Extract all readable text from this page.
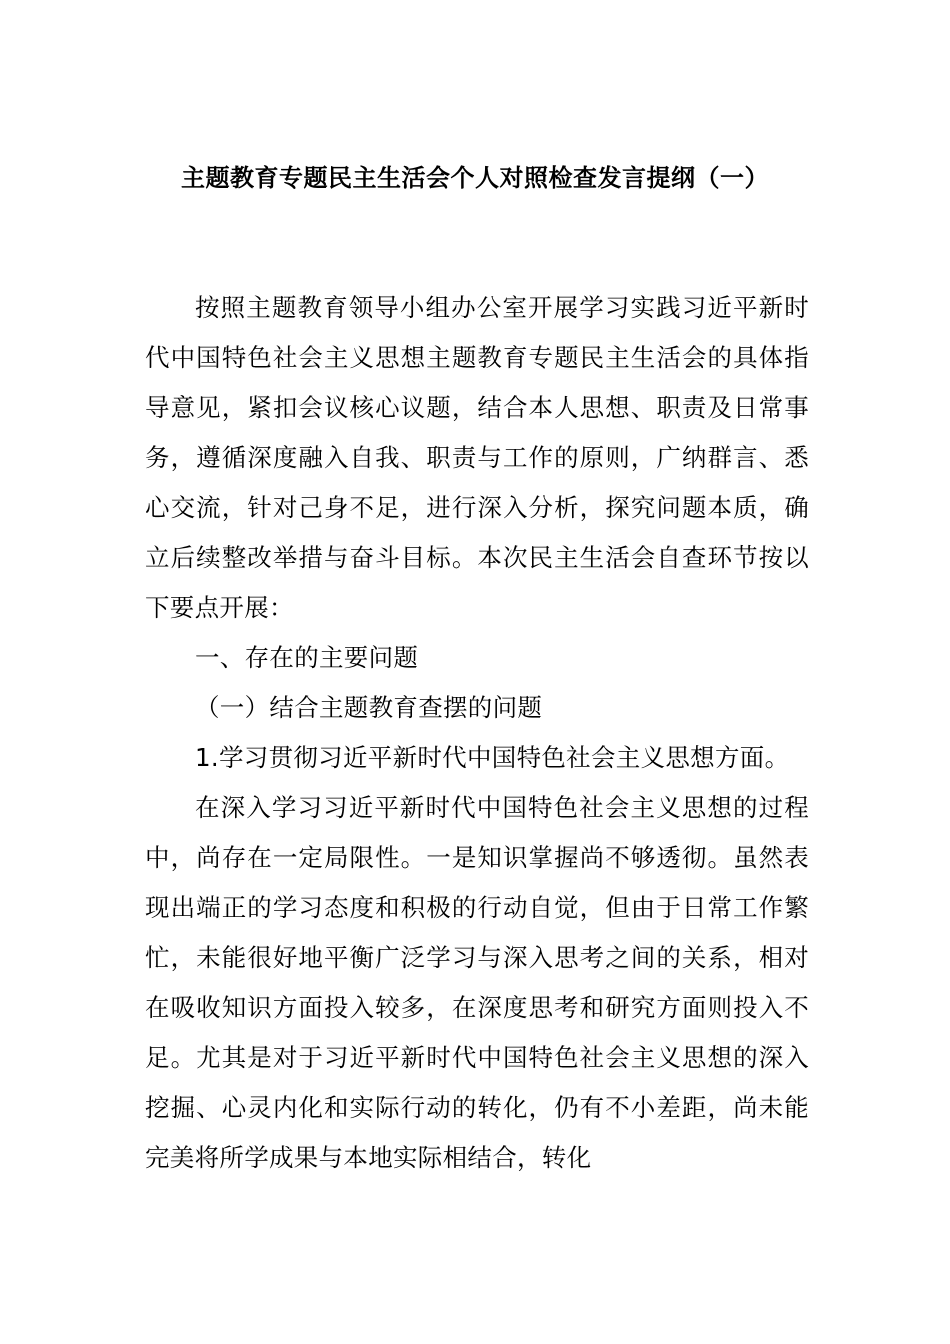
主题教育专题民主生活会个人对照检查发言提纲（一）

按照主题教育领导小组办公室开展学习实践习近平新时代中国特色社会主义思想主题教育专题民主生活会的具体指导意见，紧扣会议核心议题，结合本人思想、职责及日常事务，遵循深度融入自我、职责与工作的原则，广纳群言、悉心交流，针对己身不足，进行深入分析，探究问题本质，确立后续整改举措与奋斗目标。本次民主生活会自查环节按以下要点开展：

一、存在的主要问题

（一）结合主题教育查摆的问题

1.学习贯彻习近平新时代中国特色社会主义思想方面。

在深入学习习近平新时代中国特色社会主义思想的过程中，尚存在一定局限性。一是知识掌握尚不够透彻。虽然表现出端正的学习态度和积极的行动自觉，但由于日常工作繁忙，未能很好地平衡广泛学习与深入思考之间的关系，相对在吸收知识方面投入较多，在深度思考和研究方面则投入不足。尤其是对于习近平新时代中国特色社会主义思想的深入挖掘、心灵内化和实际行动的转化，仍有不小差距，尚未能完美将所学成果与本地实际相结合，转化
